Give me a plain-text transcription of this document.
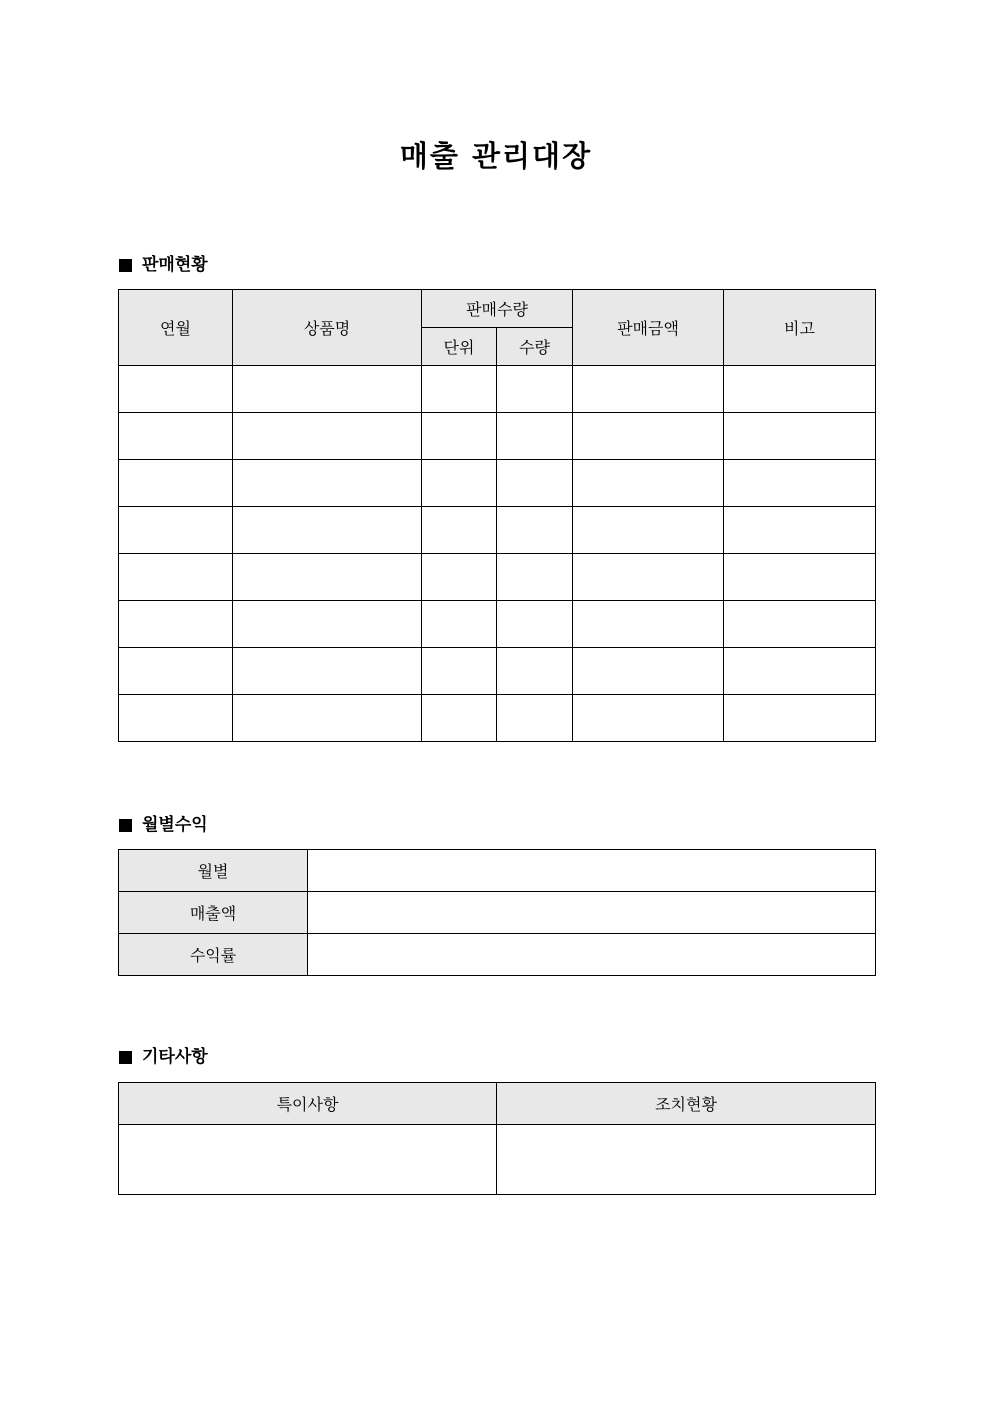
매출 관리대장
판매현황
연월	상품명	판매수량		판매금액	비고
		단위	수량		

월별수익
월별	
매출액	
수익률	
기타사항
특이사항	조치현황
